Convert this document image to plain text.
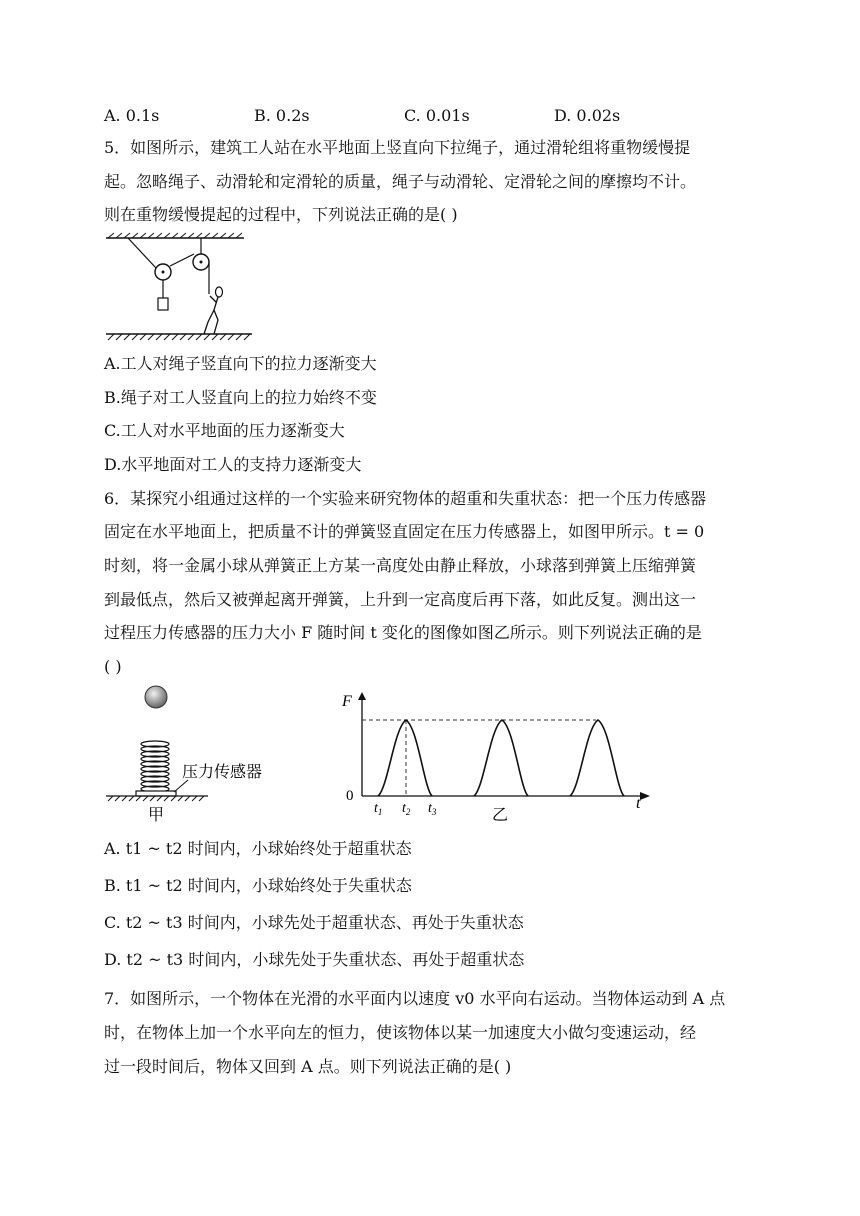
A. 0.1s	B. 0.2s	C. 0.01s	D. 0.02s
5．如图所示，建筑工人站在水平地面上竖直向下拉绳子，通过滑轮组将重物缓慢提
起。忽略绳子、动滑轮和定滑轮的质量，绳子与动滑轮、定滑轮之间的摩擦均不计。
则在重物缓慢提起的过程中，下列说法正确的是( )
A.工人对绳子竖直向下的拉力逐渐变大
B.绳子对工人竖直向上的拉力始终不变
C.工人对水平地面的压力逐渐变大
D.水平地面对工人的支持力逐渐变大
6．某探究小组通过这样的一个实验来研究物体的超重和失重状态：把一个压力传感器
固定在水平地面上，把质量不计的弹簧竖直固定在压力传感器上，如图甲所示。t = 0
时刻，将一金属小球从弹簧正上方某一高度处由静止释放，小球落到弹簧上压缩弹簧
到最低点，然后又被弹起离开弹簧，上升到一定高度后再下落，如此反复。测出这一
过程压力传感器的压力大小 F 随时间 t 变化的图像如图乙所示。则下列说法正确的是
( )
压力传感器
甲
F
t
0
$t_1$ $t_2$ $t_3$	乙
A. t1 ~ t2 时间内，小球始终处于超重状态
B. t1 ~ t2 时间内，小球始终处于失重状态
C. t2 ~ t3 时间内，小球先处于超重状态、再处于失重状态
D. t2 ~ t3 时间内，小球先处于失重状态、再处于超重状态
7．如图所示，一个物体在光滑的水平面内以速度 v0 水平向右运动。当物体运动到 A 点
时，在物体上加一个水平向左的恒力，使该物体以某一加速度大小做匀变速运动，经
过一段时间后，物体又回到 A 点。则下列说法正确的是( )
